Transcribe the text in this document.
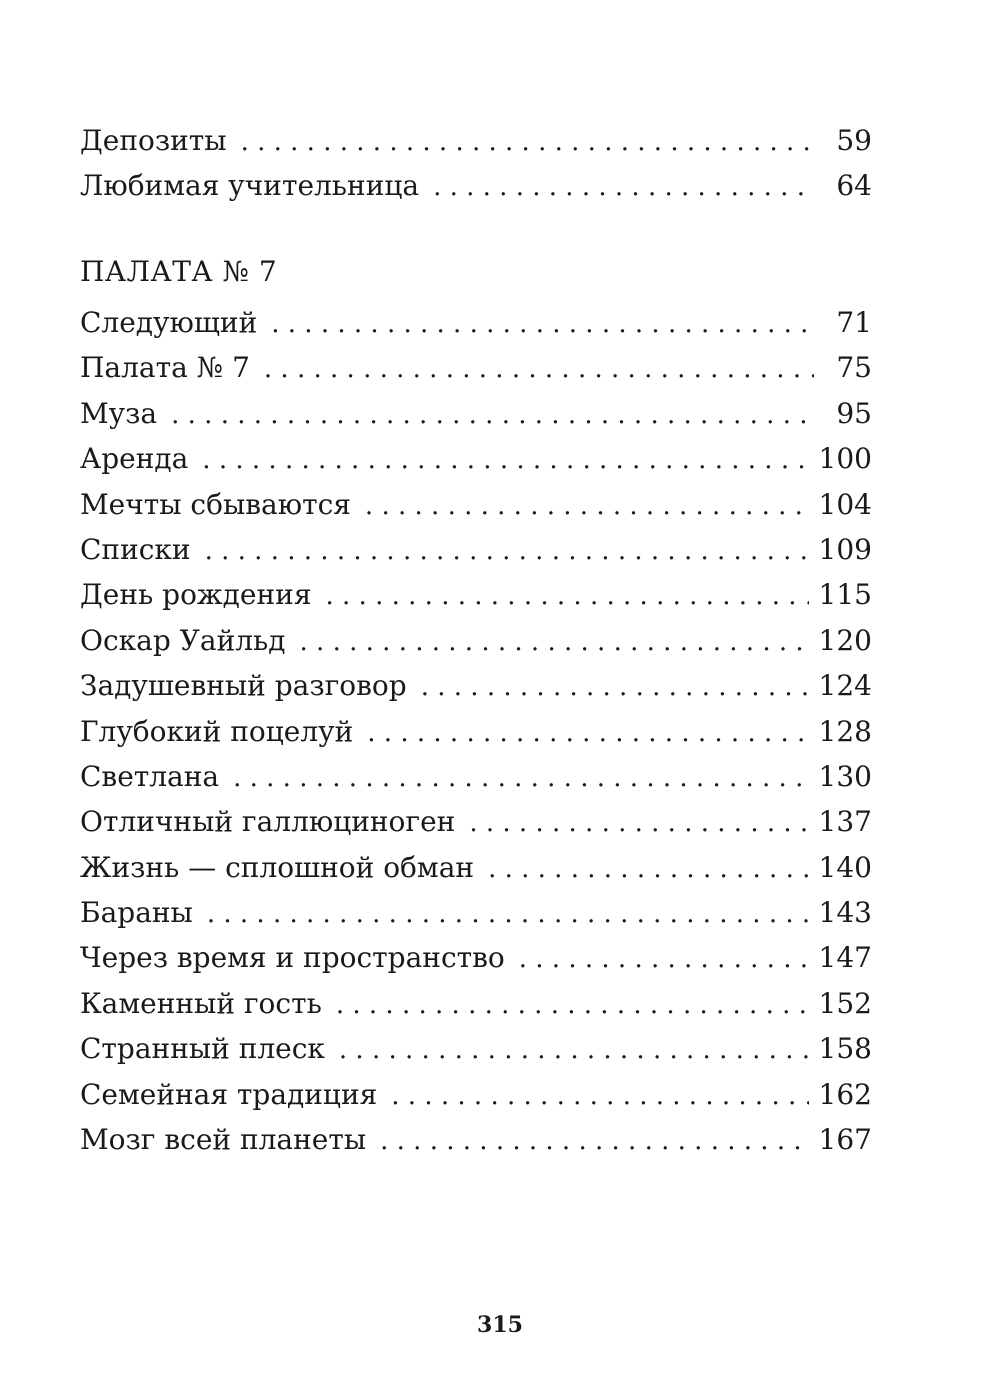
Депозиты . . .	59
Любимая учительница . . .	64
ПАЛАТА № 7
Следующий . . .	71
Палата № 7 . . .	75
Муза . . .	95
Аренда . . .	100
Мечты сбываются . . .	104
Списки . . .	109
День рождения . . .	115
Оскар Уайльд . . .	120
Задушевный разговор . . .	124
Глубокий поцелуй . . .	128
Светлана . . .	130
Отличный галлюциноген . . .	137
Жизнь — сплошной обман . . .	140
Бараны . . .	143
Через время и пространство . . .	147
Каменный гость . . .	152
Странный плеск . . .	158
Семейная традиция . . .	162
Мозг всей планеты . . .	167
315
